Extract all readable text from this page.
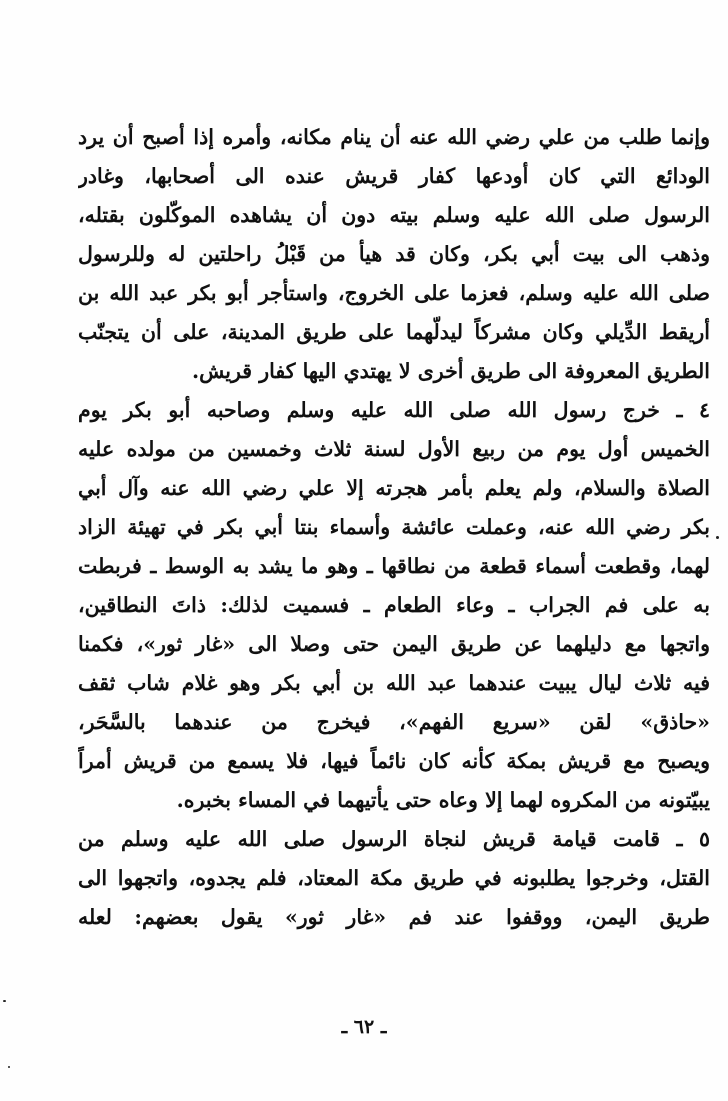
وإنما طلب من علي رضي الله عنه أن ينام مكانه، وأمره إذا أصبح أن يرد
الودائع التي كان أودعها كفار قريش عنده الى أصحابها، وغادر
الرسول صلى الله عليه وسلم بيته دون أن يشاهده الموكّلون بقتله،
وذهب الى بيت أبي بكر، وكان قد هيأ من قَبْلُ راحلتين له وللرسول
صلى الله عليه وسلم، فعزما على الخروج، واستأجر أبو بكر عبد الله بن
أريقط الدِّيلي وكان مشركاً ليدلّهما على طريق المدينة، على أن يتجنّب
الطريق المعروفة الى طريق أخرى لا يهتدي اليها كفار قريش.
٤ ـ خرج رسول الله صلى الله عليه وسلم وصاحبه أبو بكر يوم
الخميس أول يوم من ربيع الأول لسنة ثلاث وخمسين من مولده عليه
الصلاة والسلام، ولم يعلم بأمر هجرته إلا علي رضي الله عنه وآل أبي
بكر رضي الله عنه، وعملت عائشة وأسماء بنتا أبي بكر في تهيئة الزاد
لهما، وقطعت أسماء قطعة من نطاقها ـ وهو ما يشد به الوسط ـ فربطت
به على فم الجراب ـ وعاء الطعام ـ فسميت لذلك: ذاتَ النطاقين،
واتجها مع دليلهما عن طريق اليمن حتى وصلا الى «غار ثور»، فكمنا
فيه ثلاث ليال يبيت عندهما عبد الله بن أبي بكر وهو غلام شاب ثقف
«حاذق» لقن «سريع الفهم»، فيخرج من عندهما بالسَّحَر،
ويصبح مع قريش بمكة كأنه كان نائماً فيها، فلا يسمع من قريش أمراً
يبيّتونه من المكروه لهما إلا وعاه حتى يأتيهما في المساء بخبره.
٥ ـ قامت قيامة قريش لنجاة الرسول صلى الله عليه وسلم من
القتل، وخرجوا يطلبونه في طريق مكة المعتاد، فلم يجدوه، واتجهوا الى
طريق اليمن، ووقفوا عند فم «غار ثور» يقول بعضهم: لعله
ـ ٦٢ ـ
